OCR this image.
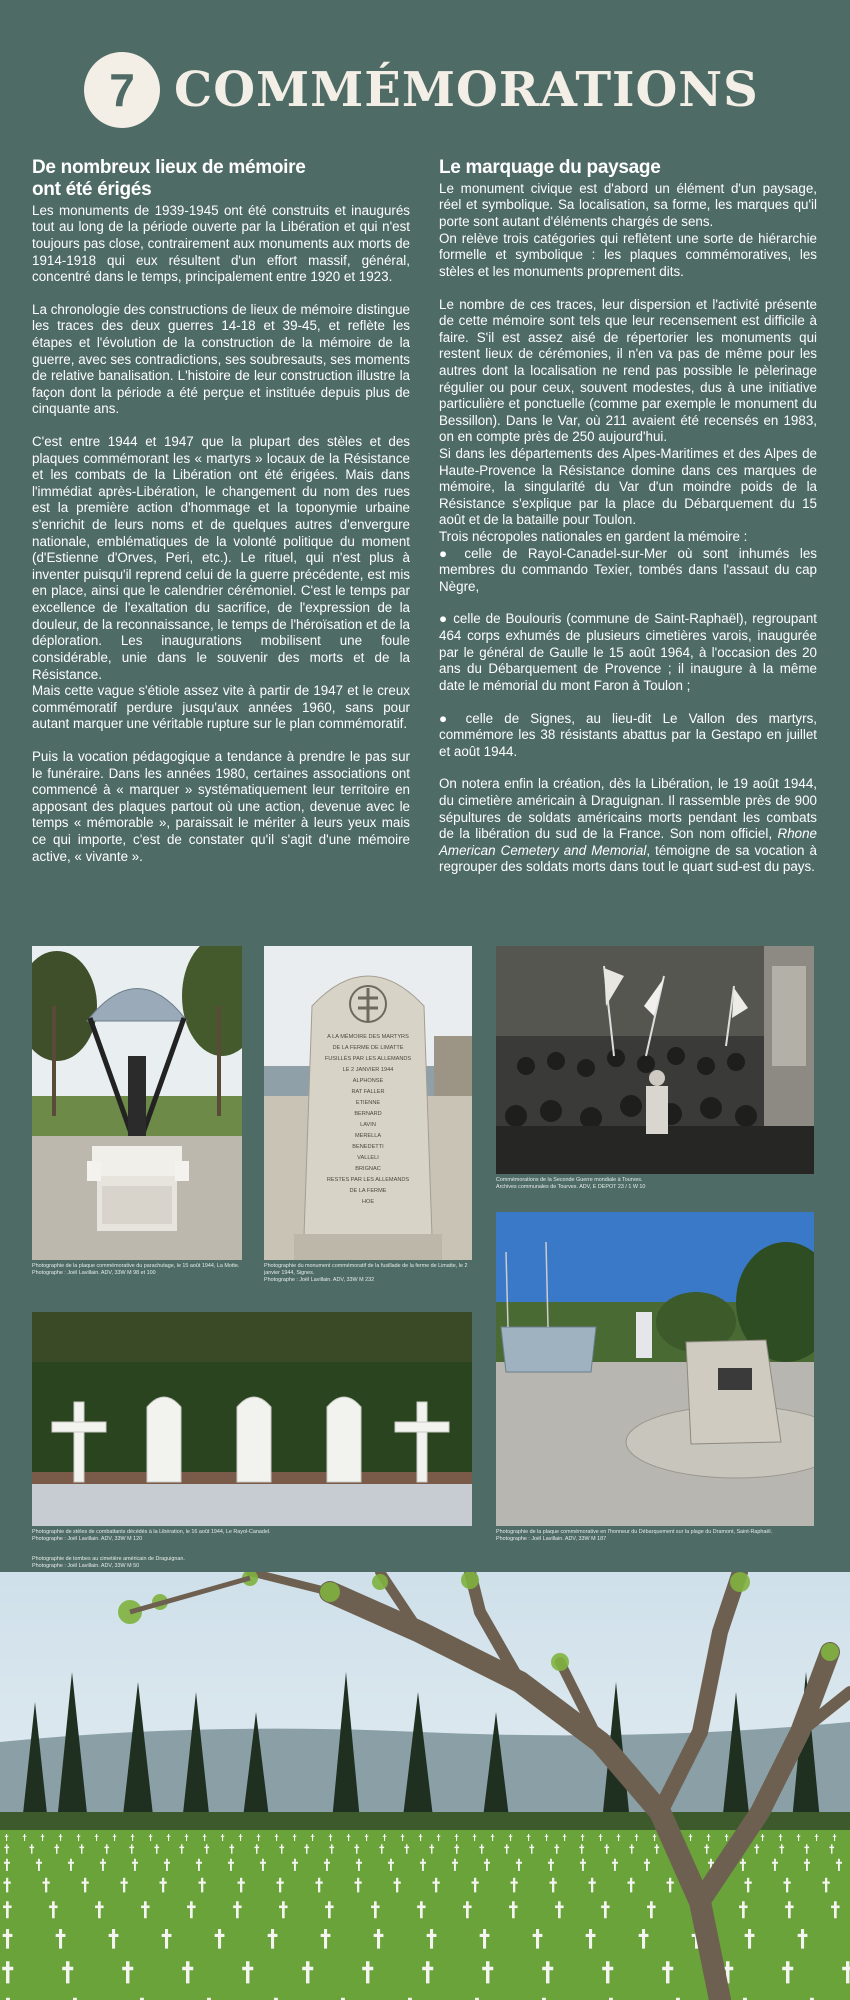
7 COMMÉMORATIONS
De nombreux lieux de mémoire
ont été érigés

Les monuments de 1939-1945 ont été construits et inaugurés tout au long de la période ouverte par la Libération et qui n'est toujours pas close, contrairement aux monuments aux morts de 1914-1918 qui eux résultent d'un effort massif, général, concentré dans le temps, principalement entre 1920 et 1923.

La chronologie des constructions de lieux de mémoire distingue les traces des deux guerres 14-18 et 39-45, et reflète les étapes et l'évolution de la construction de la mémoire de la guerre, avec ses contradictions, ses soubresauts, ses moments de relative banalisation. L'histoire de leur construction illustre la façon dont la période a été perçue et instituée depuis plus de cinquante ans.

C'est entre 1944 et 1947 que la plupart des stèles et des plaques commémorant les « martyrs » locaux de la Résistance et les combats de la Libération ont été érigées. Mais dans l'immédiat après-Libération, le changement du nom des rues est la première action d'hommage et la toponymie urbaine s'enrichit de leurs noms et de quelques autres d'envergure nationale, emblématiques de la volonté politique du moment (d'Estienne d'Orves, Peri, etc.). Le rituel, qui n'est plus à inventer puisqu'il reprend celui de la guerre précédente, est mis en place, ainsi que le calendrier cérémoniel. C'est le temps par excellence de l'exaltation du sacrifice, de l'expression de la douleur, de la reconnaissance, le temps de l'héroïsation et de la déploration. Les inaugurations mobilisent une foule considérable, unie dans le souvenir des morts et de la Résistance.

Mais cette vague s'étiole assez vite à partir de 1947 et le creux commémoratif perdure jusqu'aux années 1960, sans pour autant marquer une véritable rupture sur le plan commémoratif.

Puis la vocation pédagogique a tendance à prendre le pas sur le funéraire. Dans les années 1980, certaines associations ont commencé à « marquer » systématiquement leur territoire en apposant des plaques partout où une action, devenue avec le temps « mémorable », paraissait le mériter à leurs yeux mais ce qui importe, c'est de constater qu'il s'agit d'une mémoire active, « vivante ».

Le marquage du paysage

Le monument civique est d'abord un élément d'un paysage, réel et symbolique. Sa localisation, sa forme, les marques qu'il porte sont autant d'éléments chargés de sens.

On relève trois catégories qui reflètent une sorte de hiérarchie formelle et symbolique : les plaques commémoratives, les stèles et les monuments proprement dits.

Le nombre de ces traces, leur dispersion et l'activité présente de cette mémoire sont tels que leur recensement est difficile à faire. S'il est assez aisé de répertorier les monuments qui restent lieux de cérémonies, il n'en va pas de même pour les autres dont la localisation ne rend pas possible le pèlerinage régulier ou pour ceux, souvent modestes, dus à une initiative particulière et ponctuelle (comme par exemple le monument du Bessillon). Dans le Var, où 211 avaient été recensés en 1983, on en compte près de 250 aujourd'hui.

Si dans les départements des Alpes-Maritimes et des Alpes de Haute-Provence la Résistance domine dans ces marques de mémoire, la singularité du Var d'un moindre poids de la Résistance s'explique par la place du Débarquement du 15 août et de la bataille pour Toulon.

Trois nécropoles nationales en gardent la mémoire :

● celle de Rayol-Canadel-sur-Mer où sont inhumés les membres du commando Texier, tombés dans l'assaut du cap Nègre,

● celle de Boulouris (commune de Saint-Raphaël), regroupant 464 corps exhumés de plusieurs cimetières varois, inaugurée par le général de Gaulle le 15 août 1964, à l'occasion des 20 ans du Débarquement de Provence ; il inaugure à la même date le mémorial du mont Faron à Toulon ;

● celle de Signes, au lieu-dit Le Vallon des martyrs, commémore les 38 résistants abattus par la Gestapo en juillet et août 1944.

On notera enfin la création, dès la Libération, le 19 août 1944, du cimetière américain à Draguignan. Il rassemble près de 900 sépultures de soldats américains morts pendant les combats de la libération du sud de la France. Son nom officiel, Rhone American Cemetery and Memorial, témoigne de sa vocation à regrouper des soldats morts dans tout le quart sud-est du pays.

Photographie de la plaque commémorative du parachutage, le 15 août 1944, La Motte.
Photographe : Joël Lavillain. ADV, 33W M 98 et 100
A LA MÉMOIRE DES MARTYRS
DE LA FERME DE LIMATTE
FUSILLÉS PAR LES ALLEMANDS
LE 2 JANVIER 1944
ALPHONSE
RAT FALLER
ETIENNE
BERNARD
LAVIN
MERELLA
BENEDETTI
VALLELI
BRIGNAC
RESTES PAR LES ALLEMANDS
DE LA FERME
HOE
Photographie du monument commémoratif de la fusillade de la ferme de Limatte, le 2 janvier 1944, Signes.
Photographe : Joël Lavillain. ADV, 33W M 232
Commémorations de la Seconde Guerre mondiale à Tourves.
Archives communales de Tourves. ADV, E DEPOT 23 / 1 W 10
Photographie de stèles de combattants décédés à la Libération, le 16 août 1944, Le Rayol-Canadel.
Photographe : Joël Lavillain. ADV, 33W M 120
Photographie de la plaque commémorative en l'honneur du Débarquement sur la plage du Dramont, Saint-Raphaël.
Photographe : Joël Lavillain. ADV, 33W M 187
Photographie de tombes au cimetière américain de Draguignan.
Photographe : Joël Lavillain. ADV, 33W M 50
